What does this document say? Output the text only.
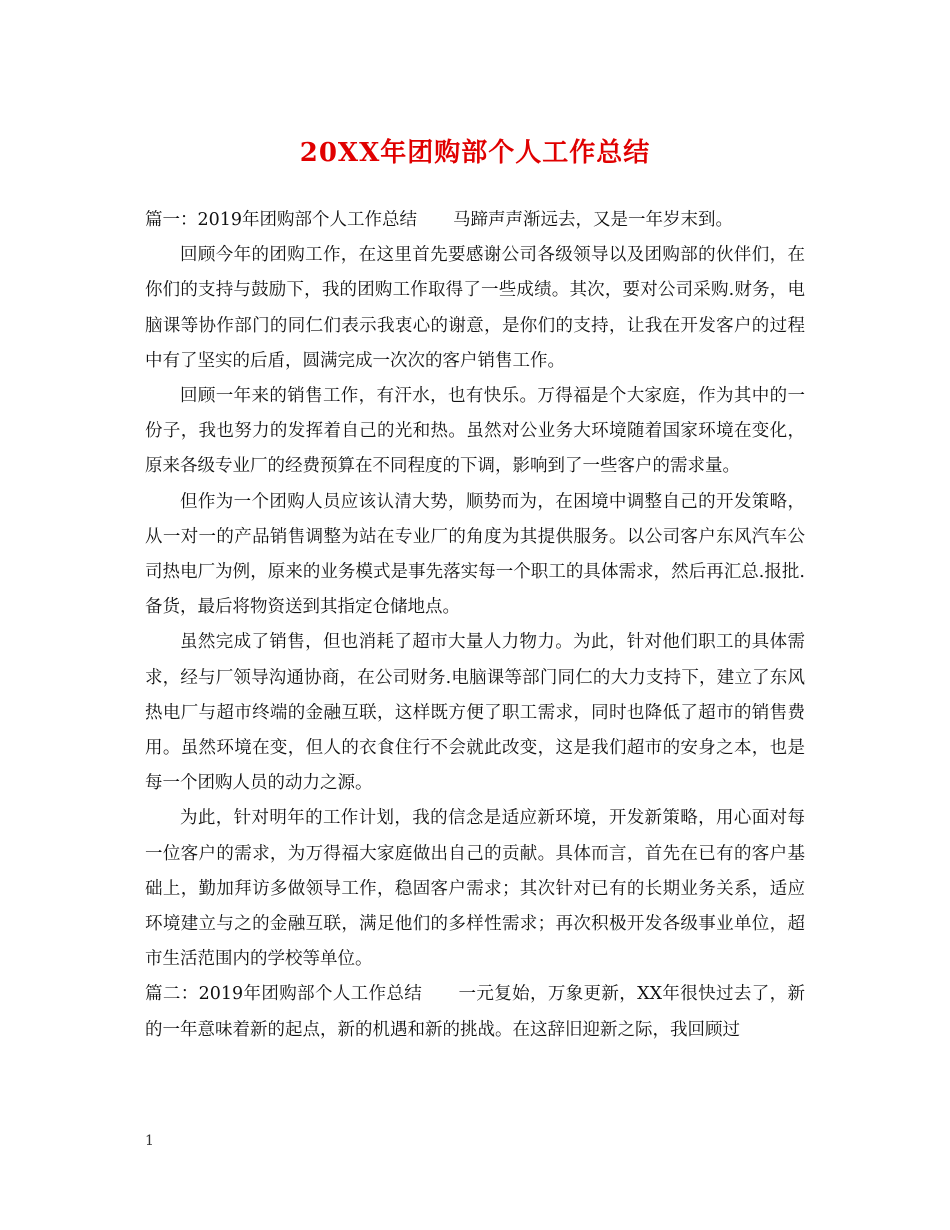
20XX年团购部个人工作总结

篇一：2019年团购部个人工作总结 马蹄声声渐远去，又是一年岁末到。

回顾今年的团购工作，在这里首先要感谢公司各级领导以及团购部的伙伴们，在你们的支持与鼓励下，我的团购工作取得了一些成绩。其次，要对公司采购.财务，电脑课等协作部门的同仁们表示我衷心的谢意，是你们的支持，让我在开发客户的过程中有了坚实的后盾，圆满完成一次次的客户销售工作。

回顾一年来的销售工作，有汗水，也有快乐。万得福是个大家庭，作为其中的一份子，我也努力的发挥着自己的光和热。虽然对公业务大环境随着国家环境在变化，原来各级专业厂的经费预算在不同程度的下调，影响到了一些客户的需求量。

但作为一个团购人员应该认清大势，顺势而为，在困境中调整自己的开发策略，从一对一的产品销售调整为站在专业厂的角度为其提供服务。以公司客户东风汽车公司热电厂为例，原来的业务模式是事先落实每一个职工的具体需求，然后再汇总.报批.备货，最后将物资送到其指定仓储地点。

虽然完成了销售，但也消耗了超市大量人力物力。为此，针对他们职工的具体需求，经与厂领导沟通协商，在公司财务.电脑课等部门同仁的大力支持下，建立了东风热电厂与超市终端的金融互联，这样既方便了职工需求，同时也降低了超市的销售费用。虽然环境在变，但人的衣食住行不会就此改变，这是我们超市的安身之本，也是每一个团购人员的动力之源。

为此，针对明年的工作计划，我的信念是适应新环境，开发新策略，用心面对每一位客户的需求，为万得福大家庭做出自己的贡献。具体而言，首先在已有的客户基础上，勤加拜访多做领导工作，稳固客户需求；其次针对已有的长期业务关系，适应环境建立与之的金融互联，满足他们的多样性需求；再次积极开发各级事业单位，超市生活范围内的学校等单位。

篇二：2019年团购部个人工作总结 一元复始，万象更新，XX年很快过去了，新的一年意味着新的起点，新的机遇和新的挑战。在这辞旧迎新之际，我回顾过

1
